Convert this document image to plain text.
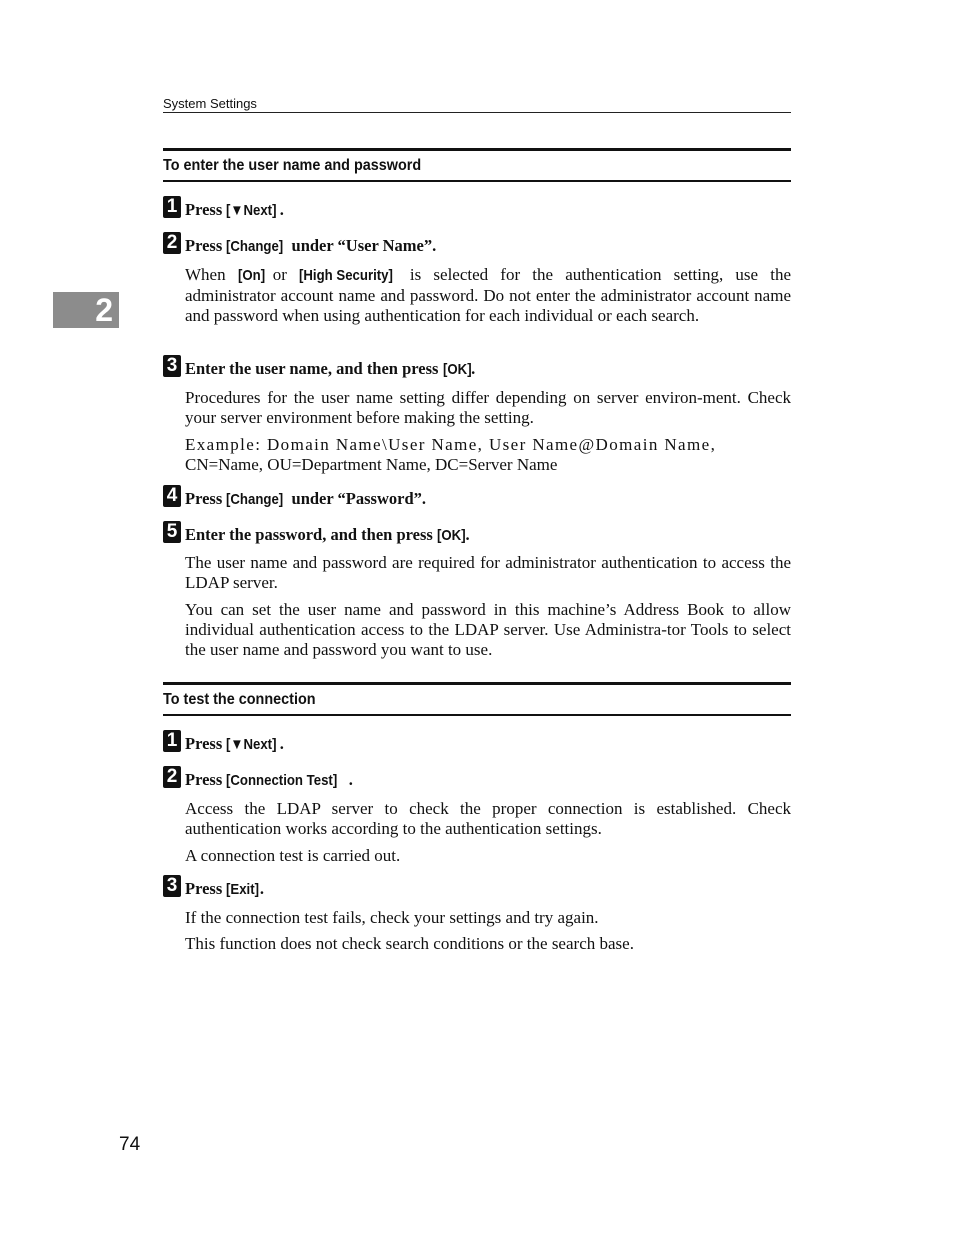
System Settings
2
To enter the user name and password
1 Press [▼Next] .
2 Press [Change] under “User Name”.
When [On] or [High Security] is selected for the authentication setting, use the administrator account name and password. Do not enter the administrator account name and password when using authentication for each individual or each search.
3 Enter the user name, and then press [OK].
Procedures for the user name setting differ depending on server environ-ment. Check your server environment before making the setting.
Example: Domain Name\User Name, User Name@Domain Name,
CN=Name, OU=Department Name, DC=Server Name
4 Press [Change] under “Password”.
5 Enter the password, and then press [OK].
The user name and password are required for administrator authentication to access the LDAP server.
You can set the user name and password in this machine’s Address Book to allow individual authentication access to the LDAP server. Use Administra-tor Tools to select the user name and password you want to use.
To test the connection
1 Press [▼Next] .
2 Press [Connection Test] .
Access the LDAP server to check the proper connection is established. Check authentication works according to the authentication settings.
A connection test is carried out.
3 Press [Exit].
If the connection test fails, check your settings and try again.
This function does not check search conditions or the search base.
74
